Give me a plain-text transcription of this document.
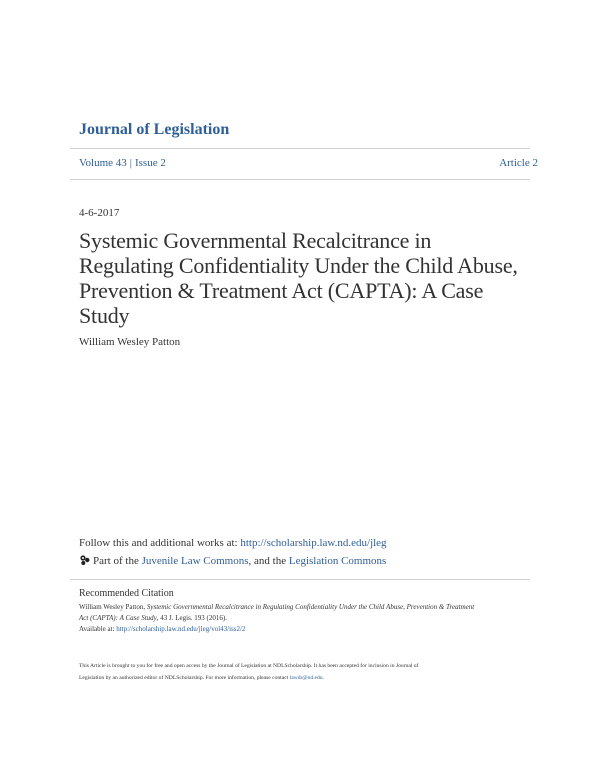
Journal of Legislation
Volume 43 | Issue 2	Article 2
4-6-2017
Systemic Governmental Recalcitrance in
Regulating Confidentiality Under the Child Abuse,
Prevention & Treatment Act (CAPTA): A Case
Study
William Wesley Patton
Follow this and additional works at: http://scholarship.law.nd.edu/jleg
Part of the Juvenile Law Commons, and the Legislation Commons
Recommended Citation
William Wesley Patton, Systemic Governmental Recalcitrance in Regulating Confidentiality Under the Child Abuse, Prevention & Treatment
Act (CAPTA): A Case Study, 43 J. Legis. 193 (2016).
Available at: http://scholarship.law.nd.edu/jleg/vol43/iss2/2
This Article is brought to you for free and open access by the Journal of Legislation at NDLScholarship. It has been accepted for inclusion in Journal of
Legislation by an authorized editor of NDLScholarship. For more information, please contact lawdr@nd.edu.
